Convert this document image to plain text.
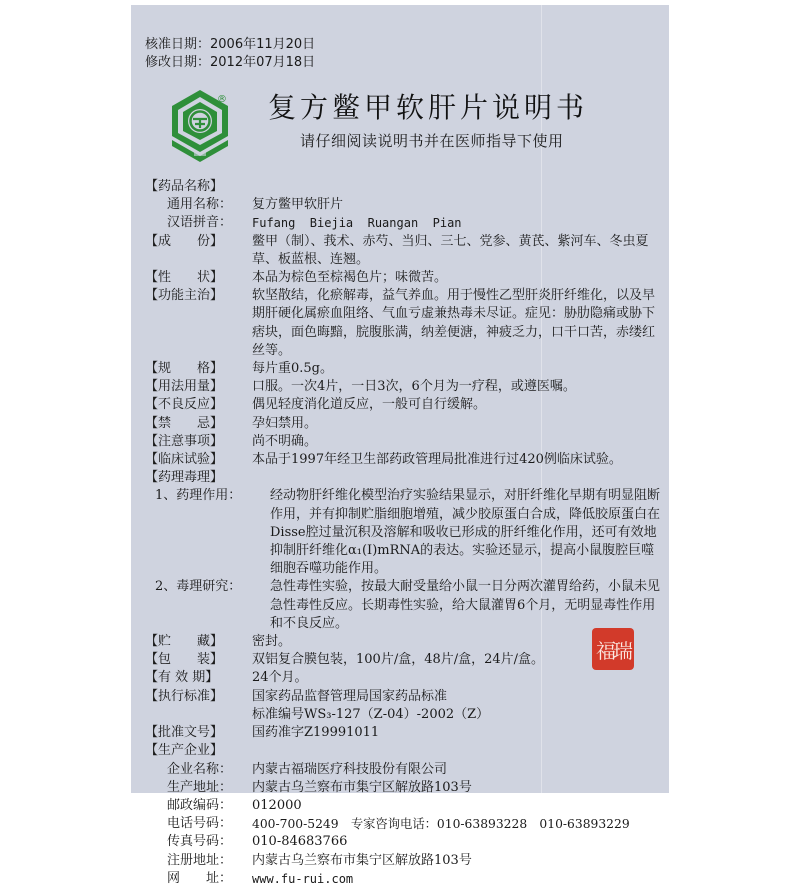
核准日期：2006年11月20日
修改日期：2012年07月18日
® 复方鳖甲软肝片说明书
请仔细阅读说明书并在医师指导下使用
【药品名称】
通用名称：	复方鳖甲软肝片
汉语拼音：	Fufang  Biejia  Ruangan  Pian
【成　　份】	鳖甲（制）、莪术、赤芍、当归、三七、党参、黄芪、紫河车、冬虫夏草、板蓝根、连翘。
【性　　状】	本品为棕色至棕褐色片；味微苦。
【功能主治】	软坚散结，化瘀解毒，益气养血。用于慢性乙型肝炎肝纤维化，以及早期肝硬化属瘀血阻络、气血亏虚兼热毒未尽证。症见：胁肋隐痛或胁下痞块，面色晦黯，脘腹胀满，纳差便溏，神疲乏力，口干口苦，赤缕红丝等。
【规　　格】	每片重0.5g。
【用法用量】	口服。一次4片，一日3次，6个月为一疗程，或遵医嘱。
【不良反应】	偶见轻度消化道反应，一般可自行缓解。
【禁　　忌】	孕妇禁用。
【注意事项】	尚不明确。
【临床试验】	本品于1997年经卫生部药政管理局批准进行过420例临床试验。
【药理毒理】
1、药理作用：	经动物肝纤维化模型治疗实验结果显示，对肝纤维化早期有明显阻断作用，并有抑制贮脂细胞增殖，减少胶原蛋白合成，降低胶原蛋白在Disse腔过量沉积及溶解和吸收已形成的肝纤维化作用，还可有效地抑制肝纤维化α₁(I)mRNA的表达。实验还显示，提高小鼠腹腔巨噬细胞吞噬功能作用。
2、毒理研究：	急性毒性实验，按最大耐受量给小鼠一日分两次灌胃给药，小鼠未见急性毒性反应。长期毒性实验，给大鼠灌胃6个月，无明显毒性作用和不良反应。
【贮　　藏】	密封。
【包　　装】	双铝复合膜包装，100片/盒，48片/盒，24片/盒。
【有 效 期】	24个月。
【执行标准】	国家药品监督管理局国家药品标准
标准编号WS₃-127（Z-04）-2002（Z）
【批准文号】	国药准字Z19991011
【生产企业】
企业名称：	内蒙古福瑞医疗科技股份有限公司
生产地址：	内蒙古乌兰察布市集宁区解放路103号
邮政编码：	012000
电话号码：	400-700-5249　专家咨询电话：010-63893228　010-63893229
传真号码：	010-84683766
注册地址：	内蒙古乌兰察布市集宁区解放路103号
网　　址：	www.fu-rui.com
福瑞
